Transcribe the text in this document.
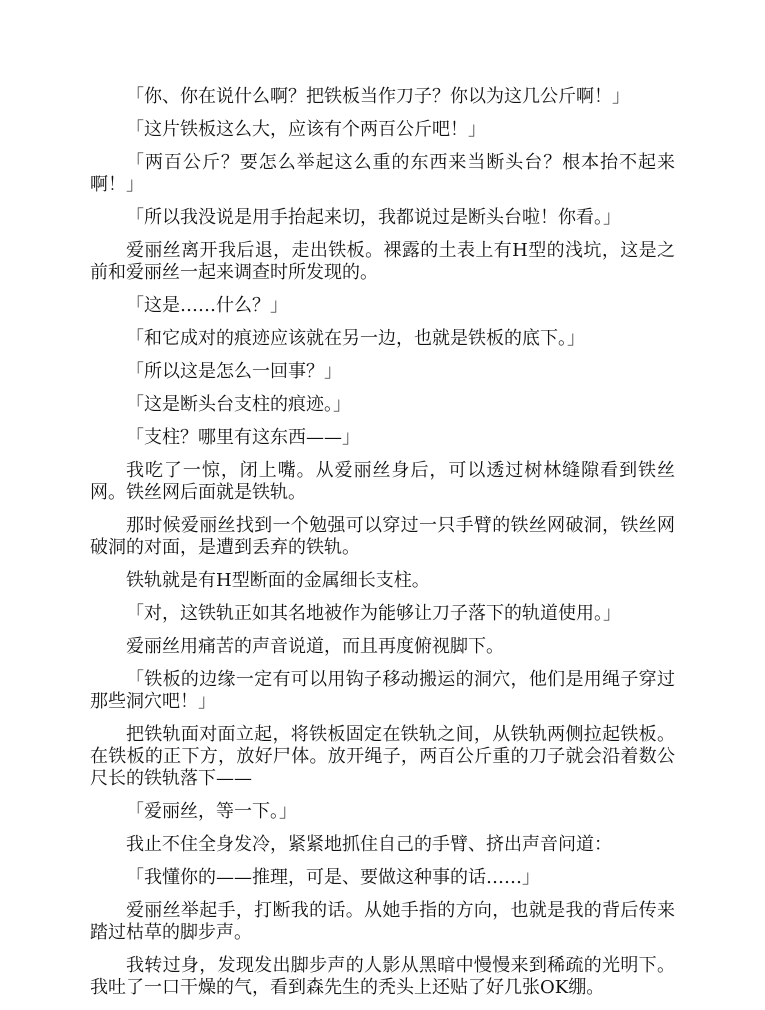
「你、你在说什么啊？把铁板当作刀子？你以为这几公斤啊！」

「这片铁板这么大，应该有个两百公斤吧！」

「两百公斤？要怎么举起这么重的东西来当断头台？根本抬不起来啊！」

「所以我没说是用手抬起来切，我都说过是断头台啦！你看。」

爱丽丝离开我后退，走出铁板。裸露的土表上有H型的浅坑，这是之前和爱丽丝一起来调查时所发现的。

「这是……什么？」

「和它成对的痕迹应该就在另一边，也就是铁板的底下。」

「所以这是怎么一回事？」

「这是断头台支柱的痕迹。」

「支柱？哪里有这东西——」

我吃了一惊，闭上嘴。从爱丽丝身后，可以透过树林缝隙看到铁丝网。铁丝网后面就是铁轨。

那时候爱丽丝找到一个勉强可以穿过一只手臂的铁丝网破洞，铁丝网破洞的对面，是遭到丢弃的铁轨。

铁轨就是有H型断面的金属细长支柱。

「对，这铁轨正如其名地被作为能够让刀子落下的轨道使用。」

爱丽丝用痛苦的声音说道，而且再度俯视脚下。

「铁板的边缘一定有可以用钩子移动搬运的洞穴，他们是用绳子穿过那些洞穴吧！」

把铁轨面对面立起，将铁板固定在铁轨之间，从铁轨两侧拉起铁板。在铁板的正下方，放好尸体。放开绳子，两百公斤重的刀子就会沿着数公尺长的铁轨落下——

「爱丽丝，等一下。」

我止不住全身发冷，紧紧地抓住自己的手臂、挤出声音问道：

「我懂你的——推理，可是、要做这种事的话……」

爱丽丝举起手，打断我的话。从她手指的方向，也就是我的背后传来踏过枯草的脚步声。

我转过身，发现发出脚步声的人影从黑暗中慢慢来到稀疏的光明下。我吐了一口干燥的气，看到森先生的秃头上还贴了好几张OK绷。
